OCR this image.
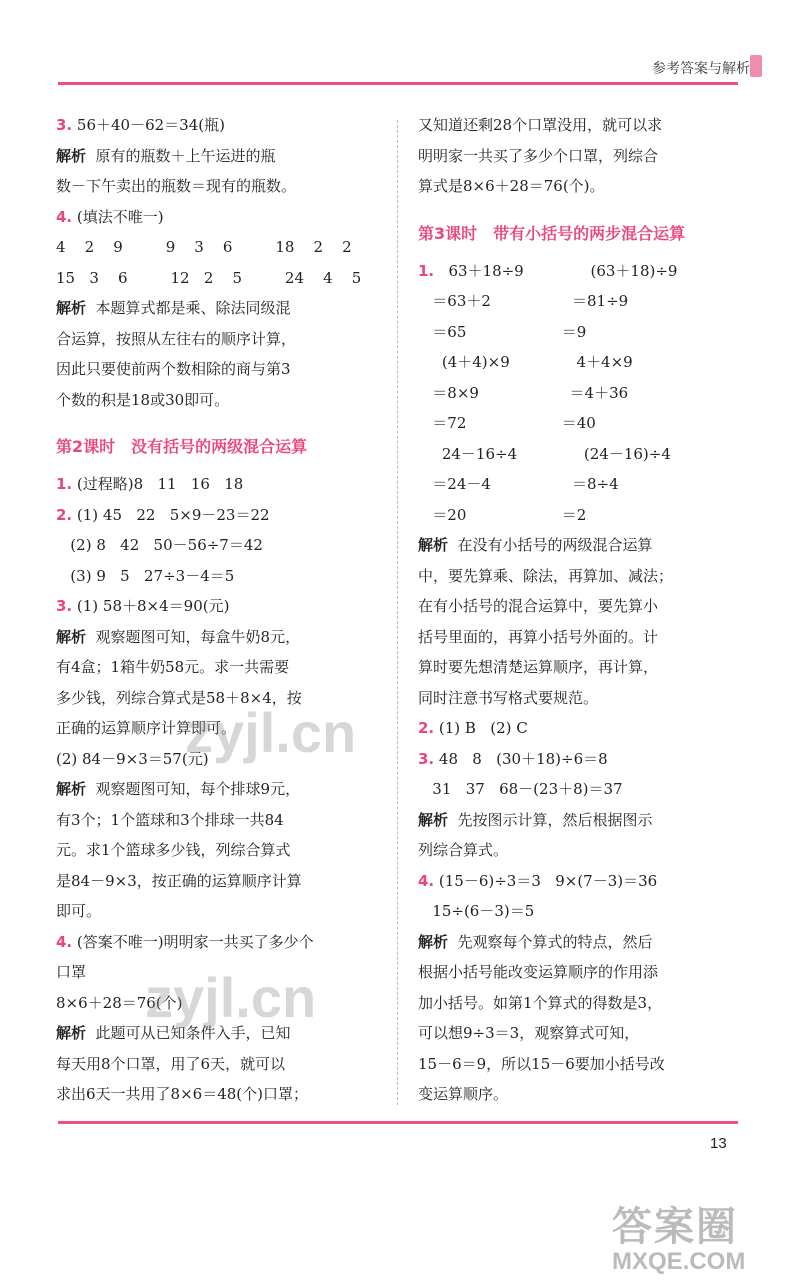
参考答案与解析
3. 56＋40－62＝34(瓶)
解析  原有的瓶数＋上午运进的瓶
数－下午卖出的瓶数＝现有的瓶数。
4. (填法不唯一)
4    2    9         9    3    6         18    2    2
15   3    6         12   2    5         24    4    5
解析  本题算式都是乘、除法同级混
合运算，按照从左往右的顺序计算，
因此只要使前两个数相除的商与第3
个数的积是18或30即可。
第2课时　没有括号的两级混合运算
1. (过程略)8   11   16   18
2. (1) 45   22   5×9－23＝22
(2) 8   42   50－56÷7＝42
(3) 9   5   27÷3－4＝5
3. (1) 58＋8×4＝90(元)
解析  观察题图可知，每盒牛奶8元，
有4盒；1箱牛奶58元。求一共需要
多少钱，列综合算式是58＋8×4，按
正确的运算顺序计算即可。
(2) 84－9×3＝57(元)
解析  观察题图可知，每个排球9元，
有3个；1个篮球和3个排球一共84
元。求1个篮球多少钱，列综合算式
是84－9×3，按正确的运算顺序计算
即可。
4. (答案不唯一)明明家一共买了多少个
口罩
8×6＋28＝76(个)
解析  此题可从已知条件入手，已知
每天用8个口罩，用了6天，就可以
求出6天一共用了8×6＝48(个)口罩；
又知道还剩28个口罩没用，就可以求
明明家一共买了多少个口罩，列综合
算式是8×6＋28＝76(个)。
第3课时　带有小括号的两步混合运算
1.   63＋18÷9              (63＋18)÷9
＝63＋2                 ＝81÷9
＝65                    ＝9
(4＋4)×9              4＋4×9
＝8×9                   ＝4＋36
＝72                    ＝40
24－16÷4              (24－16)÷4
＝24－4                 ＝8÷4
＝20                    ＝2
解析  在没有小括号的两级混合运算
中，要先算乘、除法，再算加、减法；
在有小括号的混合运算中，要先算小
括号里面的，再算小括号外面的。计
算时要先想清楚运算顺序，再计算，
同时注意书写格式要规范。
2. (1) B   (2) C
3. 48   8   (30＋18)÷6＝8
31   37   68－(23＋8)＝37
解析  先按图示计算，然后根据图示
列综合算式。
4. (15－6)÷3＝3   9×(7－3)＝36
15÷(6－3)＝5
解析  先观察每个算式的特点，然后
根据小括号能改变运算顺序的作用添
加小括号。如第1个算式的得数是3，
可以想9÷3＝3，观察算式可知，
15－6＝9，所以15－6要加小括号改
变运算顺序。
13
zyjl.cn
zyjl.cn
答案圈
MXQE.COM
